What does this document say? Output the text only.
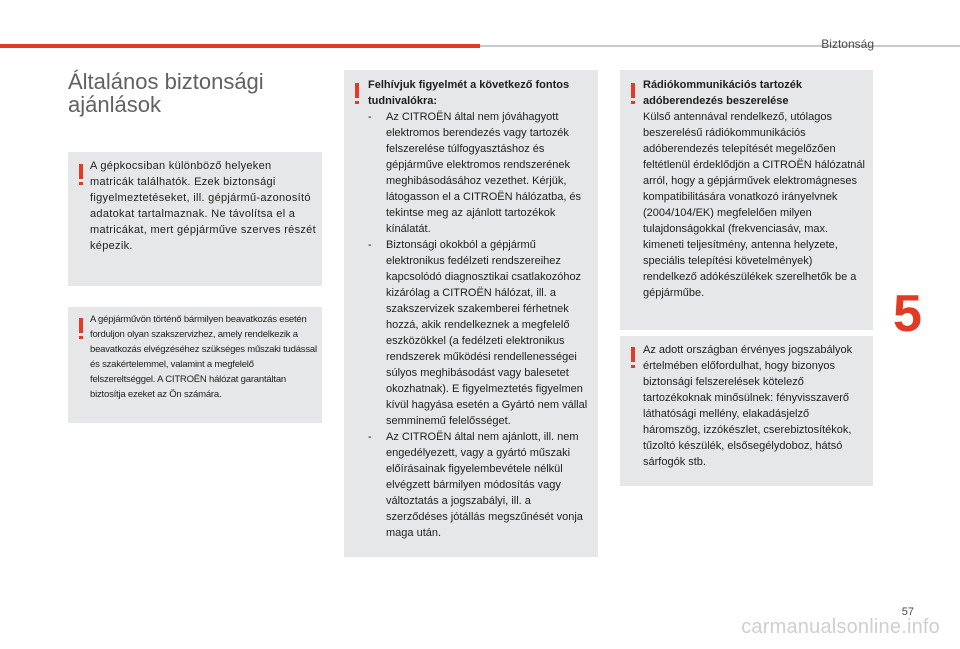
Biztonság
5
Általános biztonsági ajánlások
A gépkocsiban különböző helyeken matricák találhatók. Ezek biztonsági figyelmeztetéseket, ill. gépjármű-azonosító adatokat tartalmaznak. Ne távolítsa el a matricákat, mert gépjárműve szerves részét képezik.
A gépjárművön történő bármilyen beavatkozás esetén forduljon olyan szakszervizhez, amely rendelkezik a beavatkozás elvégzéséhez szükséges műszaki tudással és szakértelemmel, valamint a megfelelő felszereltséggel. A CITROËN hálózat garantáltan biztosítja ezeket az Ön számára.
Felhívjuk figyelmét a következő fontos tudnivalókra:
- Az CITROËN által nem jóváhagyott elektromos berendezés vagy tartozék felszerelése túlfogyasztáshoz és gépjárműve elektromos rendszerének meghibásodásához vezethet. Kérjük, látogasson el a CITROËN hálózatba, és tekintse meg az ajánlott tartozékok kínálatát.
- Biztonsági okokból a gépjármű elektronikus fedélzeti rendszereihez kapcsolódó diagnosztikai csatlakozóhoz kizárólag a CITROËN hálózat, ill. a szakszervizek szakemberei férhetnek hozzá, akik rendelkeznek a megfelelő eszközökkel (a fedélzeti elektronikus rendszerek működési rendellenességei súlyos meghibásodást vagy balesetet okozhatnak). E figyelmeztetés figyelmen kívül hagyása esetén a Gyártó nem vállal semminemű felelősséget.
- Az CITROËN által nem ajánlott, ill. nem engedélyezett, vagy a gyártó műszaki előírásainak figyelembevétele nélkül elvégzett bármilyen módosítás vagy változtatás a jogszabályi, ill. a szerződéses jótállás megszűnését vonja maga után.
Rádiókommunikációs tartozék adóberendezés beszerelése
Külső antennával rendelkező, utólagos beszerelésű rádiókommunikációs adóberendezés telepítését megelőzően feltétlenül érdeklődjön a CITROËN hálózatnál arról, hogy a gépjárművek elektromágneses kompatibilitására vonatkozó irányelvnek (2004/104/EK) megfelelően milyen tulajdonságokkal (frekvenciasáv, max. kimeneti teljesítmény, antenna helyzete, speciális telepítési követelmények) rendelkező adókészülékek szerelhetők be a gépjárműbe.
Az adott országban érvényes jogszabályok értelmében előfordulhat, hogy bizonyos biztonsági felszerelések kötelező tartozékoknak minősülnek: fényvisszaverő láthatósági mellény, elakadásjelző háromszög, izzókészlet, cserebiztosítékok, tűzoltó készülék, elsősegélydoboz, hátsó sárfogók stb.
57
carmanualsonline.info
